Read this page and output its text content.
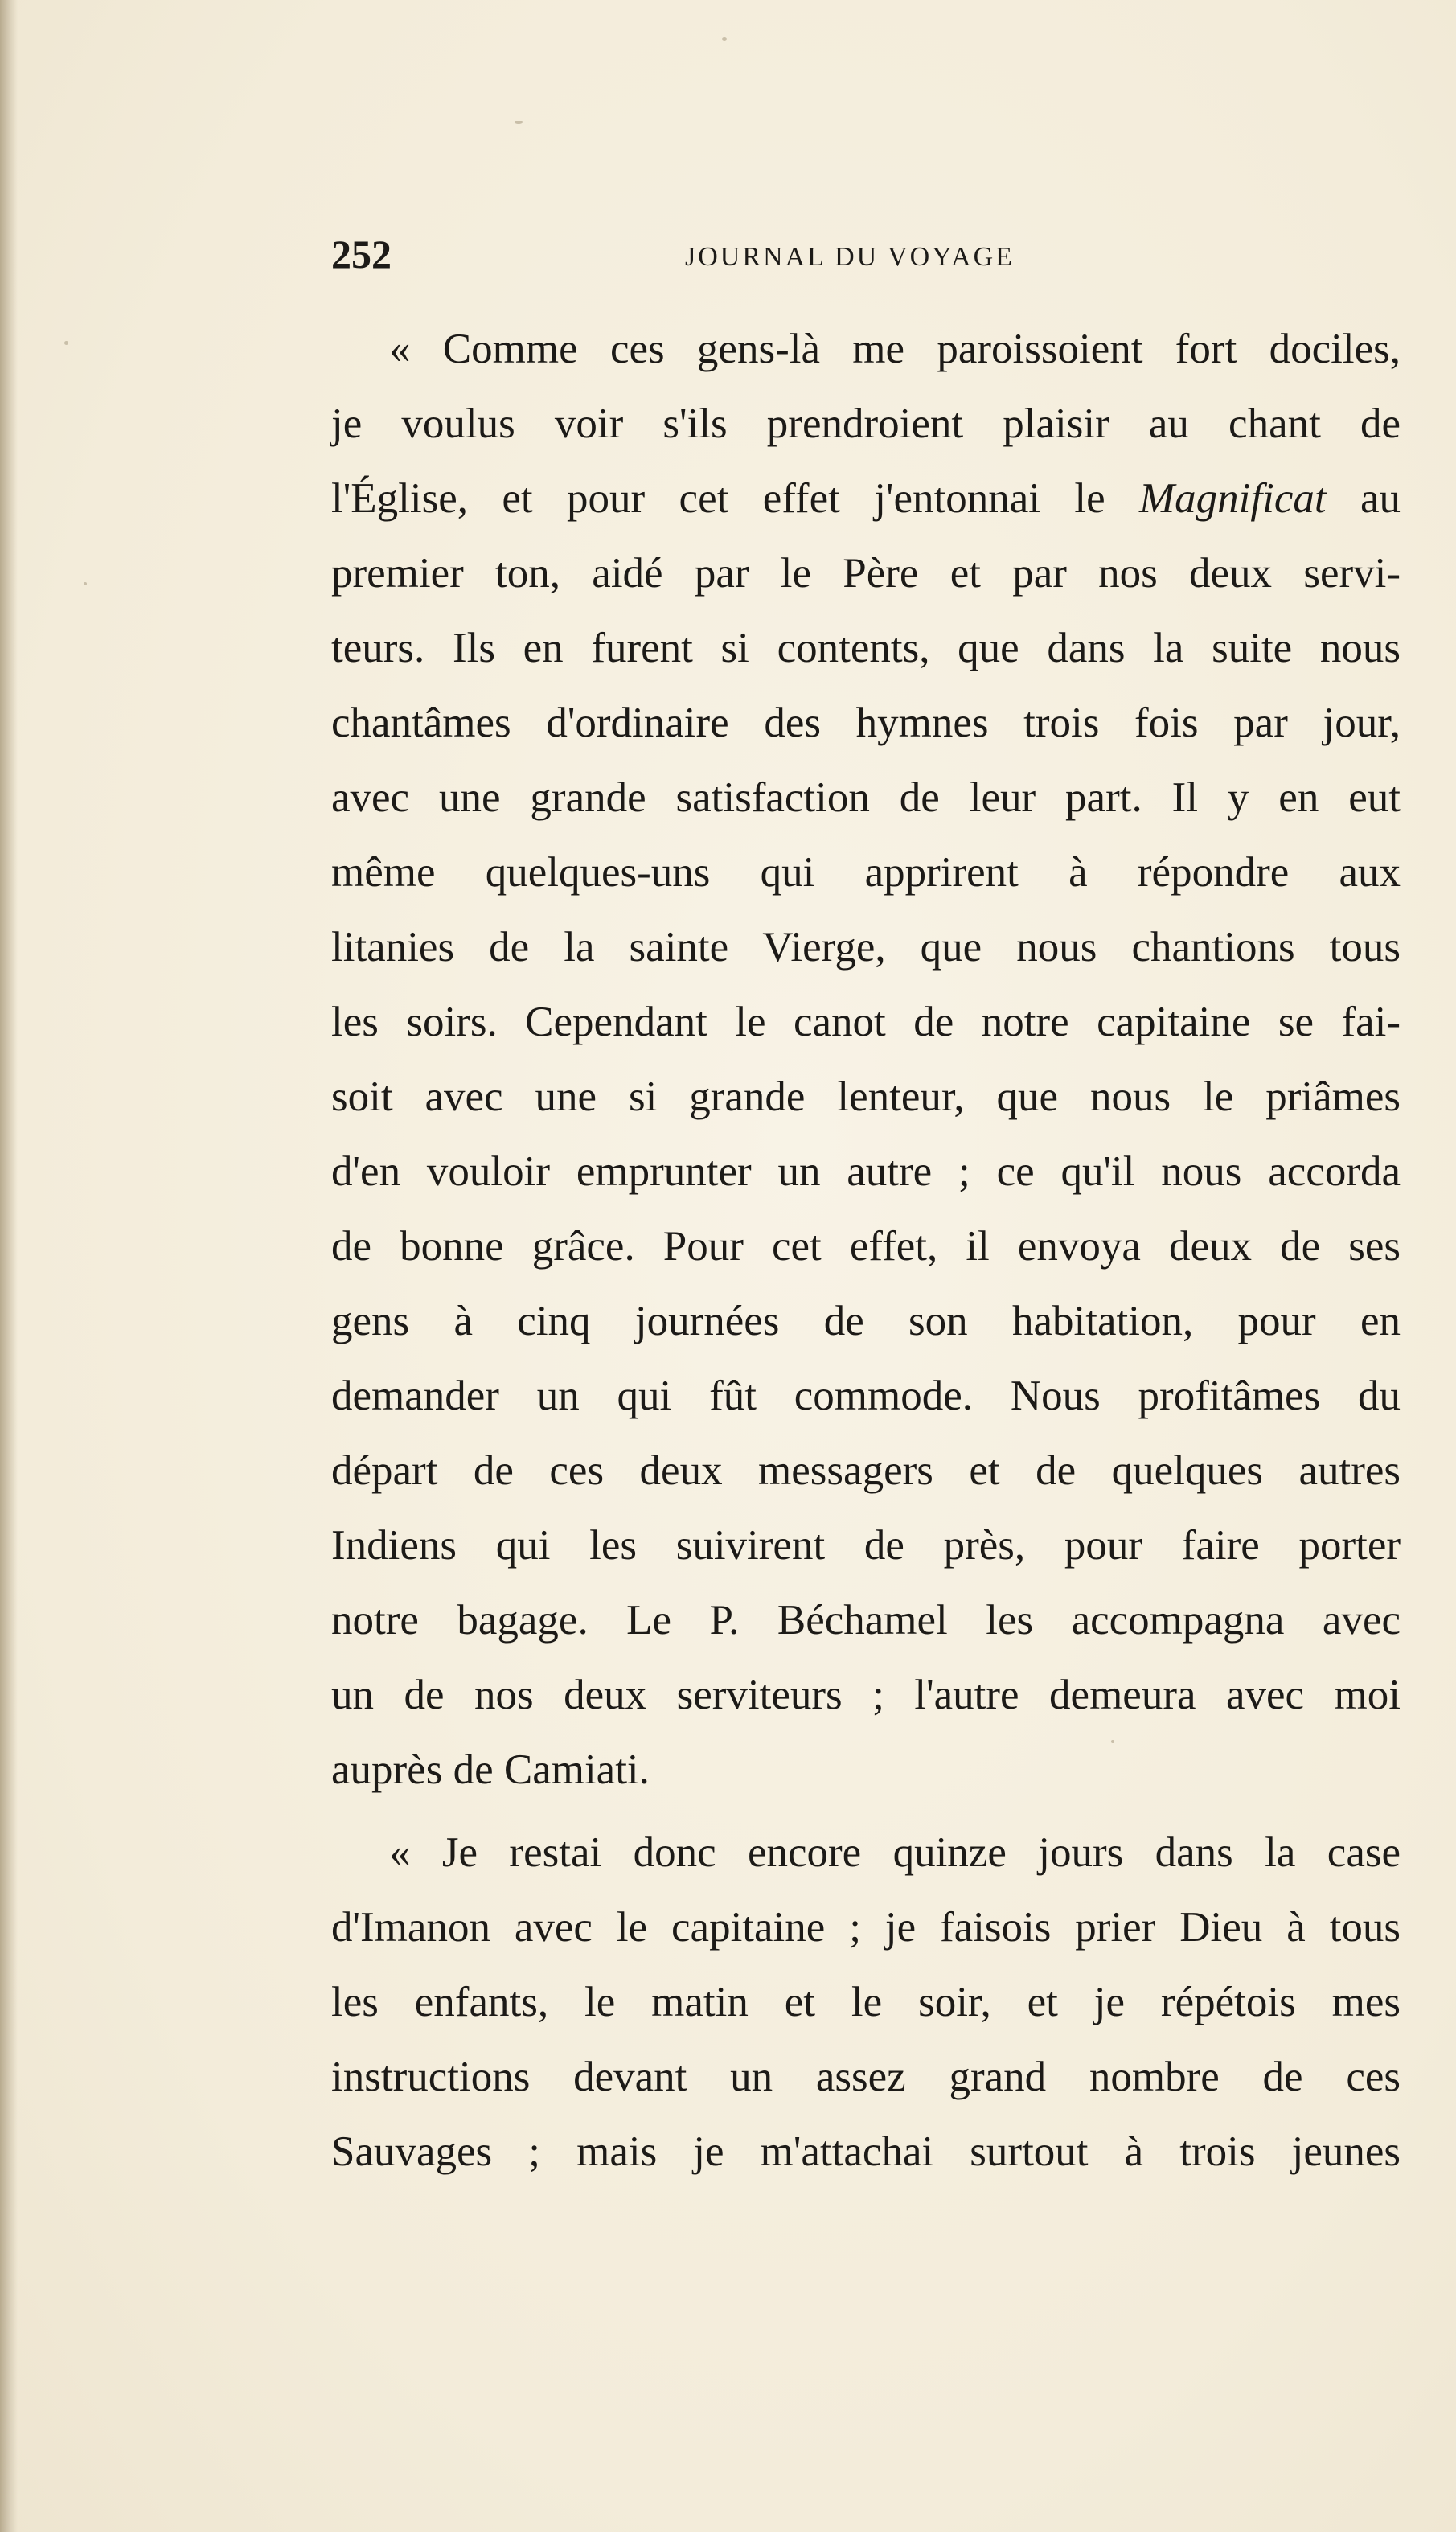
252	JOURNAL DU VOYAGE
« Comme ces gens-là me paroissoient fort dociles,
je voulus voir s'ils prendroient plaisir au chant de
l'Église, et pour cet effet j'entonnai le Magnificat au
premier ton, aidé par le Père et par nos deux servi-
teurs. Ils en furent si contents, que dans la suite nous
chantâmes d'ordinaire des hymnes trois fois par jour,
avec une grande satisfaction de leur part. Il y en eut
même quelques-uns qui apprirent à répondre aux
litanies de la sainte Vierge, que nous chantions tous
les soirs. Cependant le canot de notre capitaine se fai-
soit avec une si grande lenteur, que nous le priâmes
d'en vouloir emprunter un autre ; ce qu'il nous accorda
de bonne grâce. Pour cet effet, il envoya deux de ses
gens à cinq journées de son habitation, pour en
demander un qui fût commode. Nous profitâmes du
départ de ces deux messagers et de quelques autres
Indiens qui les suivirent de près, pour faire porter
notre bagage. Le P. Béchamel les accompagna avec
un de nos deux serviteurs ; l'autre demeura avec moi
auprès de Camiati.
« Je restai donc encore quinze jours dans la case
d'Imanon avec le capitaine ; je faisois prier Dieu à tous
les enfants, le matin et le soir, et je répétois mes
instructions devant un assez grand nombre de ces
Sauvages ; mais je m'attachai surtout à trois jeunes
